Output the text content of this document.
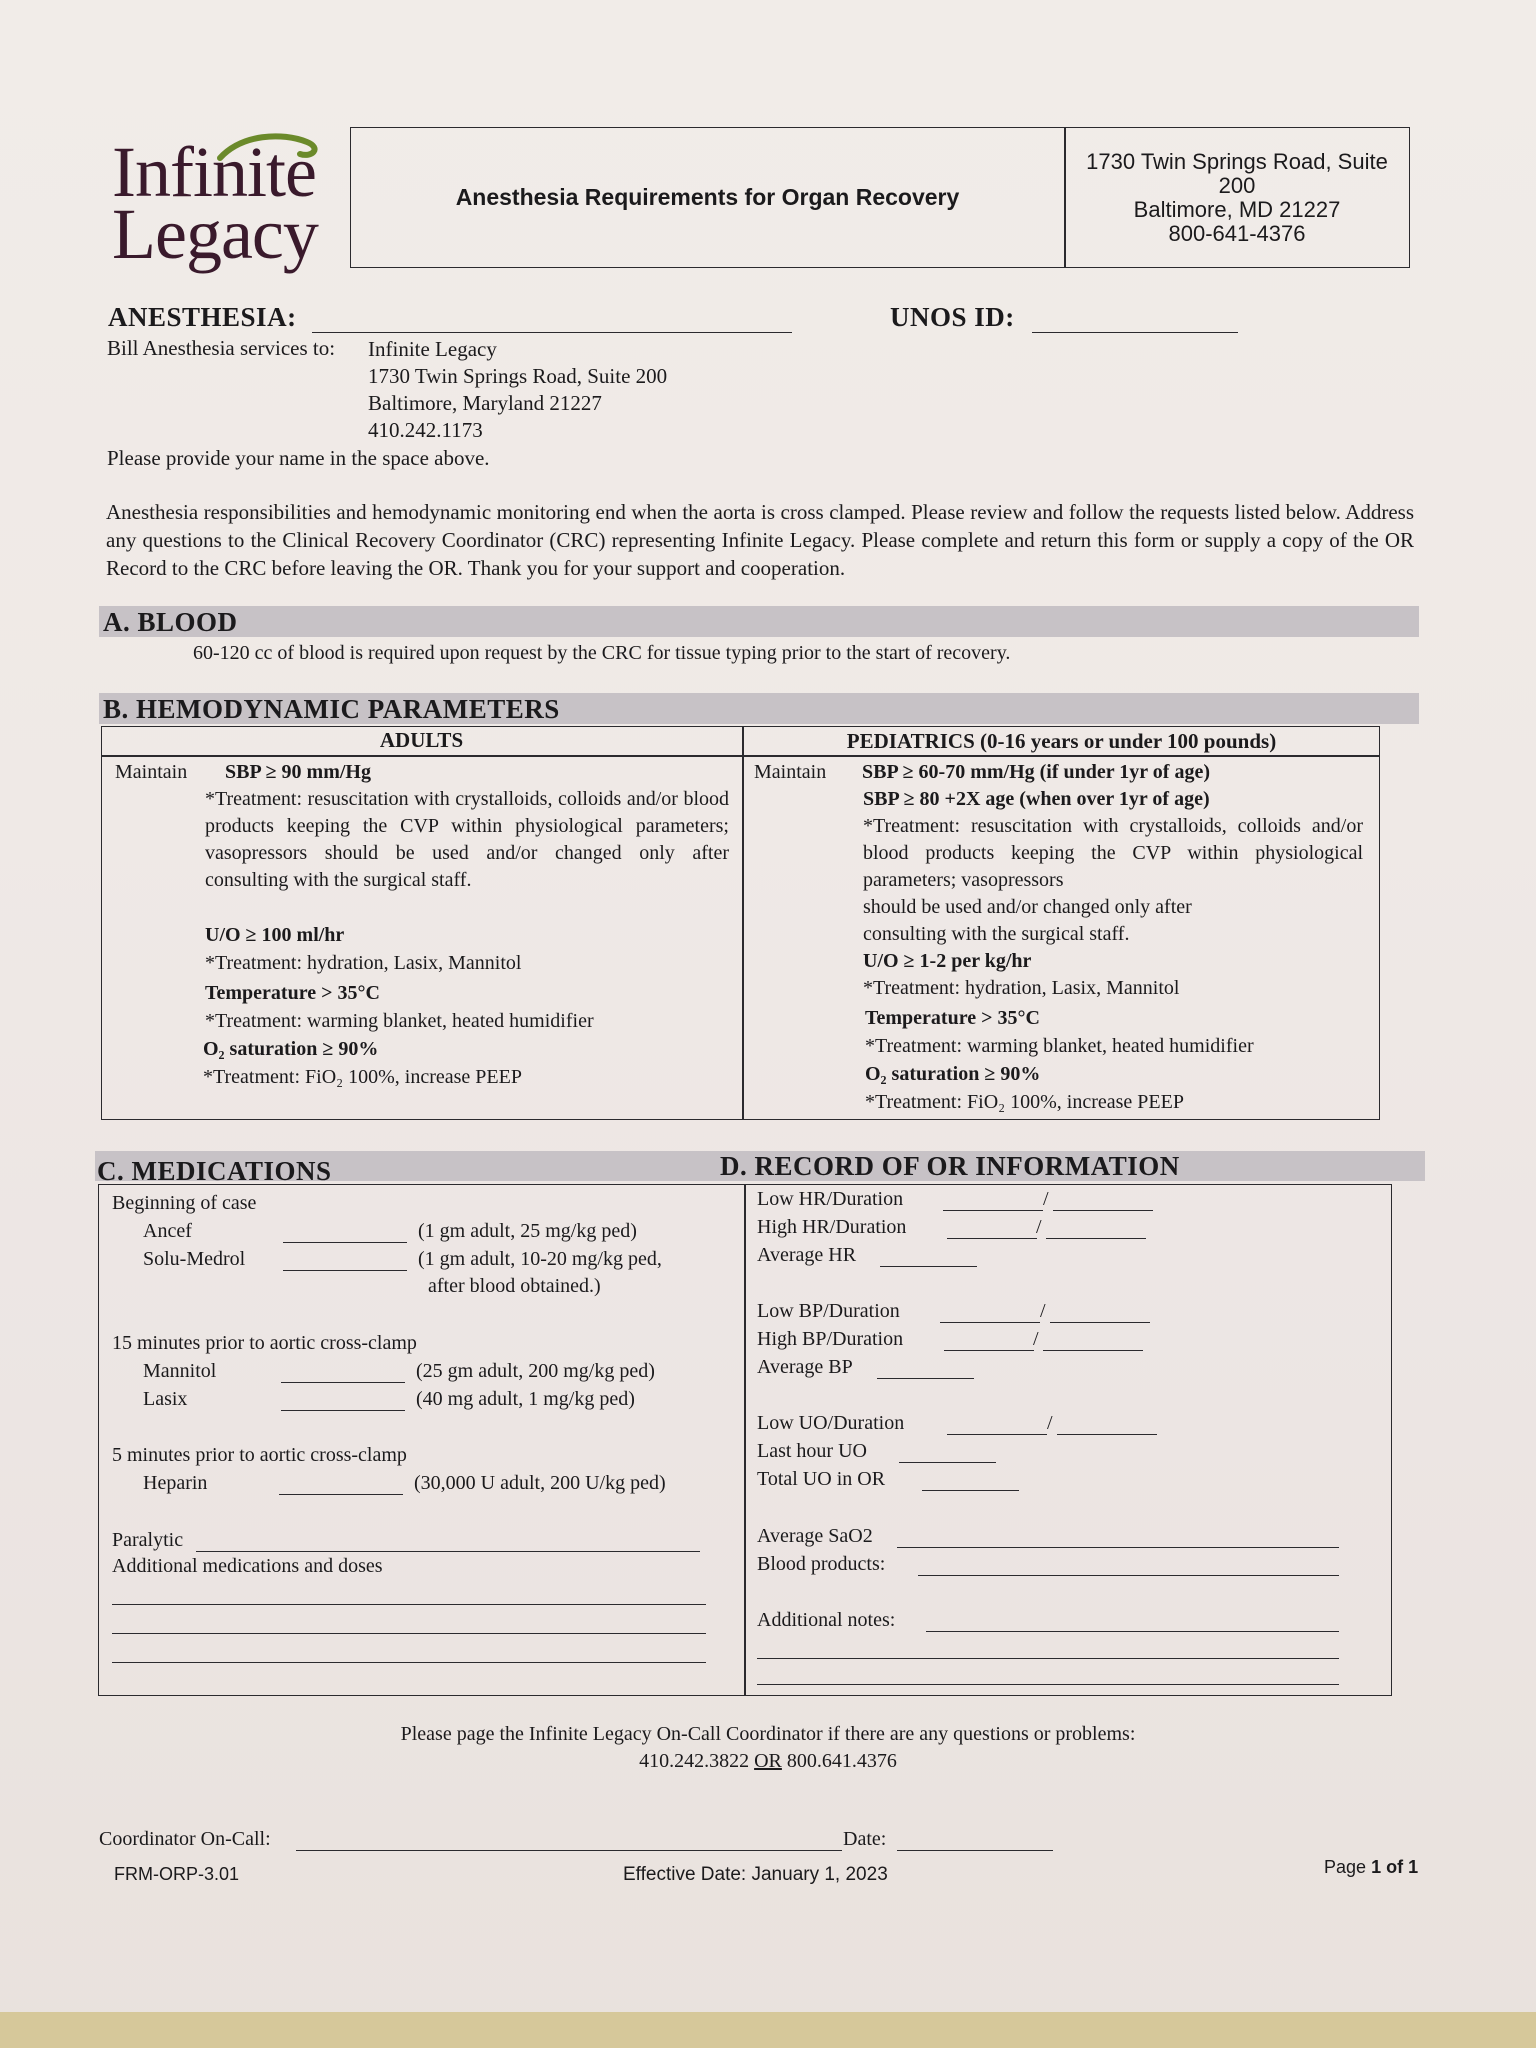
Infinite
Legacy	Anesthesia Requirements for Organ Recovery
1730 Twin Springs Road, Suite
200
Baltimore, MD 21227
800-641-4376
ANESTHESIA:	UNOS ID:
Bill Anesthesia services to: Infinite Legacy
1730 Twin Springs Road, Suite 200
Baltimore, Maryland 21227
410.242.1173
Please provide your name in the space above.
Anesthesia responsibilities and hemodynamic monitoring end when the aorta is cross clamped. Please review and follow the requests listed below. Address any questions to the Clinical Recovery Coordinator (CRC) representing Infinite Legacy. Please complete and return this form or supply a copy of the OR Record to the CRC before leaving the OR. Thank you for your support and cooperation.
A. BLOOD
60-120 cc of blood is required upon request by the CRC for tissue typing prior to the start of recovery.
B. HEMODYNAMIC PARAMETERS
ADULTS	PEDIATRICS (0-16 years or under 100 pounds)
Maintain SBP ≥ 90 mm/Hg
*Treatment: resuscitation with crystalloids, colloids and/or blood products keeping the CVP within physiological parameters; vasopressors should be used and/or changed only after consulting with the surgical staff.
U/O ≥ 100 ml/hr
*Treatment: hydration, Lasix, Mannitol
Temperature > 35°C
*Treatment: warming blanket, heated humidifier
O₂ saturation ≥ 90%
*Treatment: FiO₂ 100%, increase PEEP
Maintain SBP ≥ 60-70 mm/Hg (if under 1yr of age)
SBP ≥ 80 +2X age (when over 1yr of age)
*Treatment: resuscitation with crystalloids, colloids and/or blood products keeping the CVP within physiological parameters; vasopressors
should be used and/or changed only after
consulting with the surgical staff.
U/O ≥ 1-2 per kg/hr
*Treatment: hydration, Lasix, Mannitol
Temperature > 35°C
*Treatment: warming blanket, heated humidifier
O₂ saturation ≥ 90%
*Treatment: FiO₂ 100%, increase PEEP
C. MEDICATIONS	D. RECORD OF OR INFORMATION
Beginning of case
Ancef	(1 gm adult, 25 mg/kg ped)
Solu-Medrol	(1 gm adult, 10-20 mg/kg ped,
after blood obtained.)
15 minutes prior to aortic cross-clamp
Mannitol	(25 gm adult, 200 mg/kg ped)
Lasix	(40 mg adult, 1 mg/kg ped)
5 minutes prior to aortic cross-clamp
Heparin	(30,000 U adult, 200 U/kg ped)
Paralytic
Additional medications and doses
Low HR/Duration	/
High HR/Duration	/
Average HR
Low BP/Duration	/
High BP/Duration	/
Average BP
Low UO/Duration	/
Last hour UO
Total UO in OR
Average SaO2
Blood products:
Additional notes:
Please page the Infinite Legacy On-Call Coordinator if there are any questions or problems:
410.242.3822 OR 800.641.4376
Coordinator On-Call:	Date:
FRM-ORP-3.01	Effective Date: January 1, 2023	Page 1 of 1
